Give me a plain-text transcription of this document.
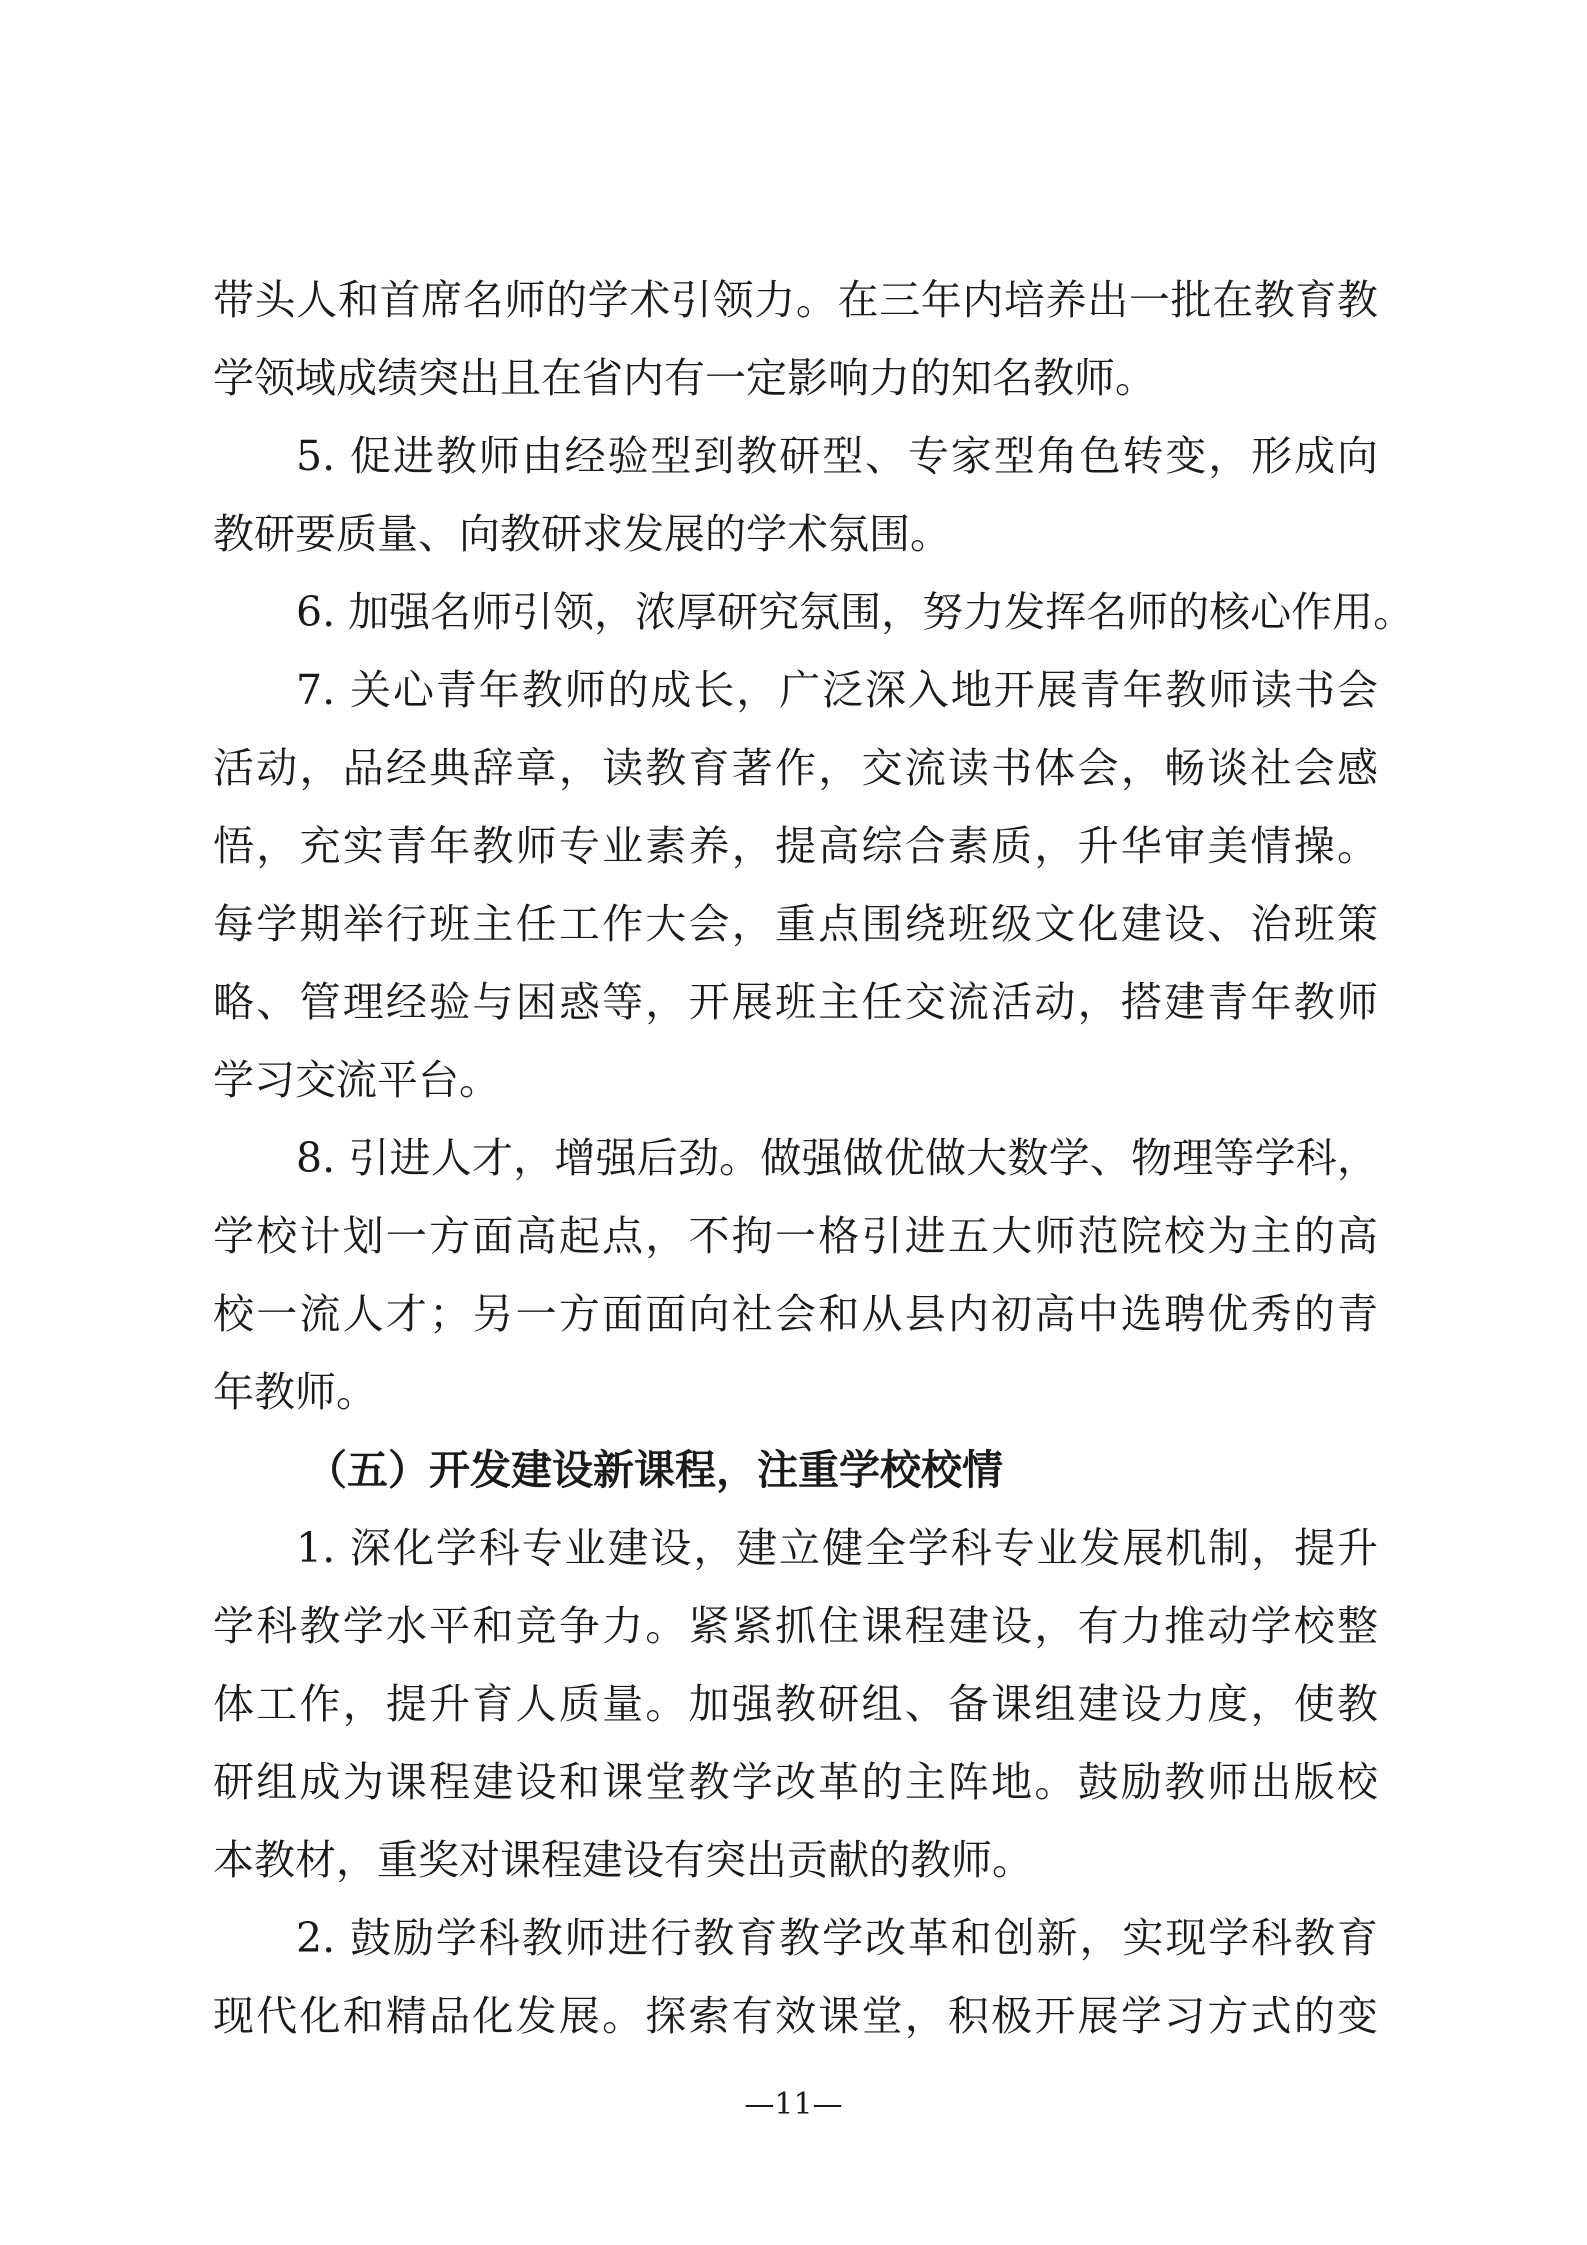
带头人和首席名师的学术引领力。在三年内培养出一批在教育教
学领域成绩突出且在省内有一定影响力的知名教师。
5. 促进教师由经验型到教研型、专家型角色转变，形成向
教研要质量、向教研求发展的学术氛围。
6. 加强名师引领，浓厚研究氛围，努力发挥名师的核心作用。
7. 关心青年教师的成长，广泛深入地开展青年教师读书会
活动，品经典辞章，读教育著作，交流读书体会，畅谈社会感
悟，充实青年教师专业素养，提高综合素质，升华审美情操。
每学期举行班主任工作大会，重点围绕班级文化建设、治班策
略、管理经验与困惑等，开展班主任交流活动，搭建青年教师
学习交流平台。
8. 引进人才，增强后劲。做强做优做大数学、物理等学科，
学校计划一方面高起点，不拘一格引进五大师范院校为主的高
校一流人才；另一方面面向社会和从县内初高中选聘优秀的青
年教师。
（五）开发建设新课程，注重学校校情
1. 深化学科专业建设，建立健全学科专业发展机制，提升
学科教学水平和竞争力。紧紧抓住课程建设，有力推动学校整
体工作，提升育人质量。加强教研组、备课组建设力度，使教
研组成为课程建设和课堂教学改革的主阵地。鼓励教师出版校
本教材，重奖对课程建设有突出贡献的教师。
2. 鼓励学科教师进行教育教学改革和创新，实现学科教育
现代化和精品化发展。探索有效课堂，积极开展学习方式的变
—11—
